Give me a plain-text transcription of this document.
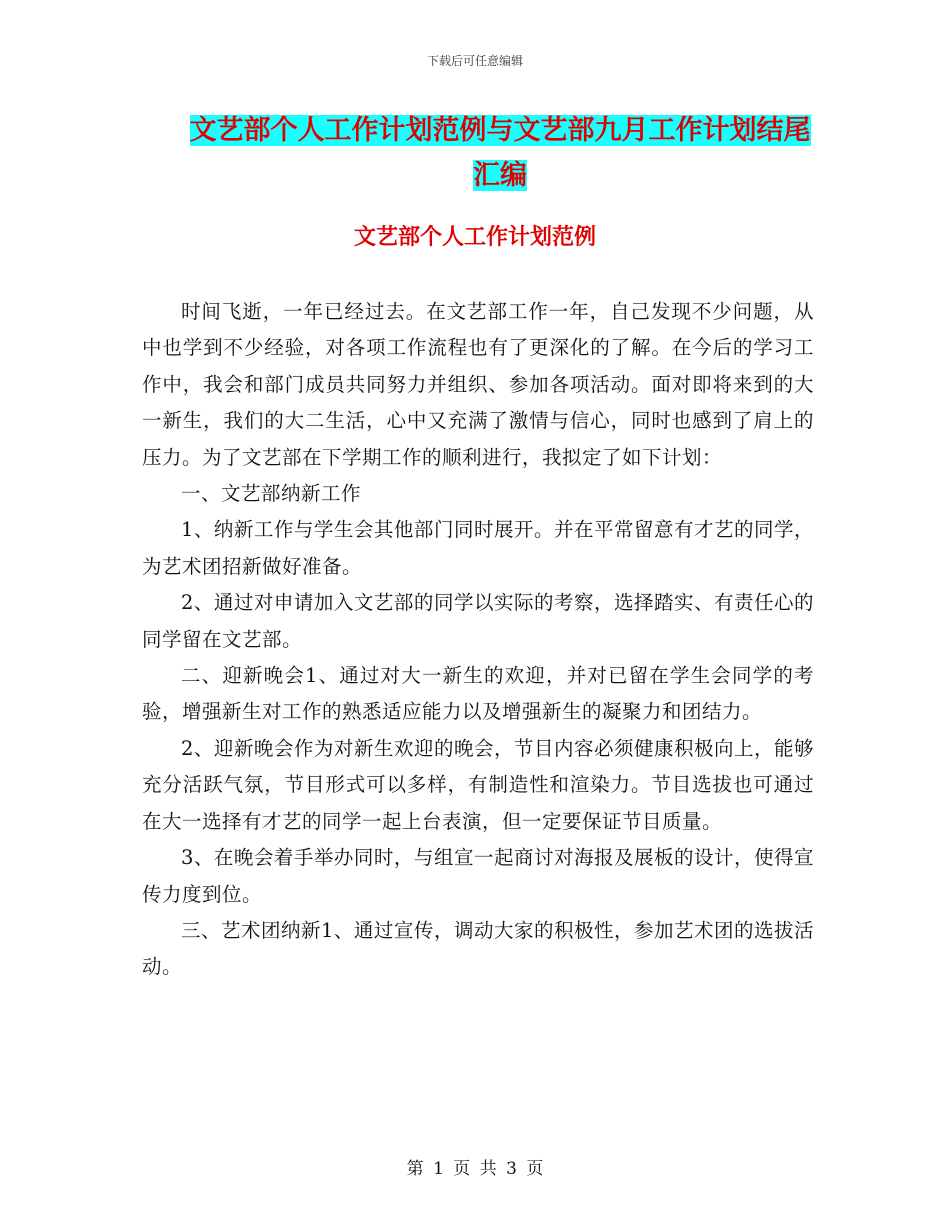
下载后可任意编辑
文艺部个人工作计划范例与文艺部九月工作计划结尾汇编
文艺部个人工作计划范例

时间飞逝，一年已经过去。在文艺部工作一年，自己发现不少问题，从中也学到不少经验，对各项工作流程也有了更深化的了解。在今后的学习工作中，我会和部门成员共同努力并组织、参加各项活动。面对即将来到的大一新生，我们的大二生活，心中又充满了激情与信心，同时也感到了肩上的压力。为了文艺部在下学期工作的顺利进行，我拟定了如下计划：

一、文艺部纳新工作

1、纳新工作与学生会其他部门同时展开。并在平常留意有才艺的同学，为艺术团招新做好准备。

2、通过对申请加入文艺部的同学以实际的考察，选择踏实、有责任心的同学留在文艺部。

二、迎新晚会1、通过对大一新生的欢迎，并对已留在学生会同学的考验，增强新生对工作的熟悉适应能力以及增强新生的凝聚力和团结力。

2、迎新晚会作为对新生欢迎的晚会，节目内容必须健康积极向上，能够充分活跃气氛，节目形式可以多样，有制造性和渲染力。节目选拔也可通过在大一选择有才艺的同学一起上台表演，但一定要保证节目质量。

3、在晚会着手举办同时，与组宣一起商讨对海报及展板的设计，使得宣传力度到位。

三、艺术团纳新1、通过宣传，调动大家的积极性，参加艺术团的选拔活动。

第 1 页 共 3 页
